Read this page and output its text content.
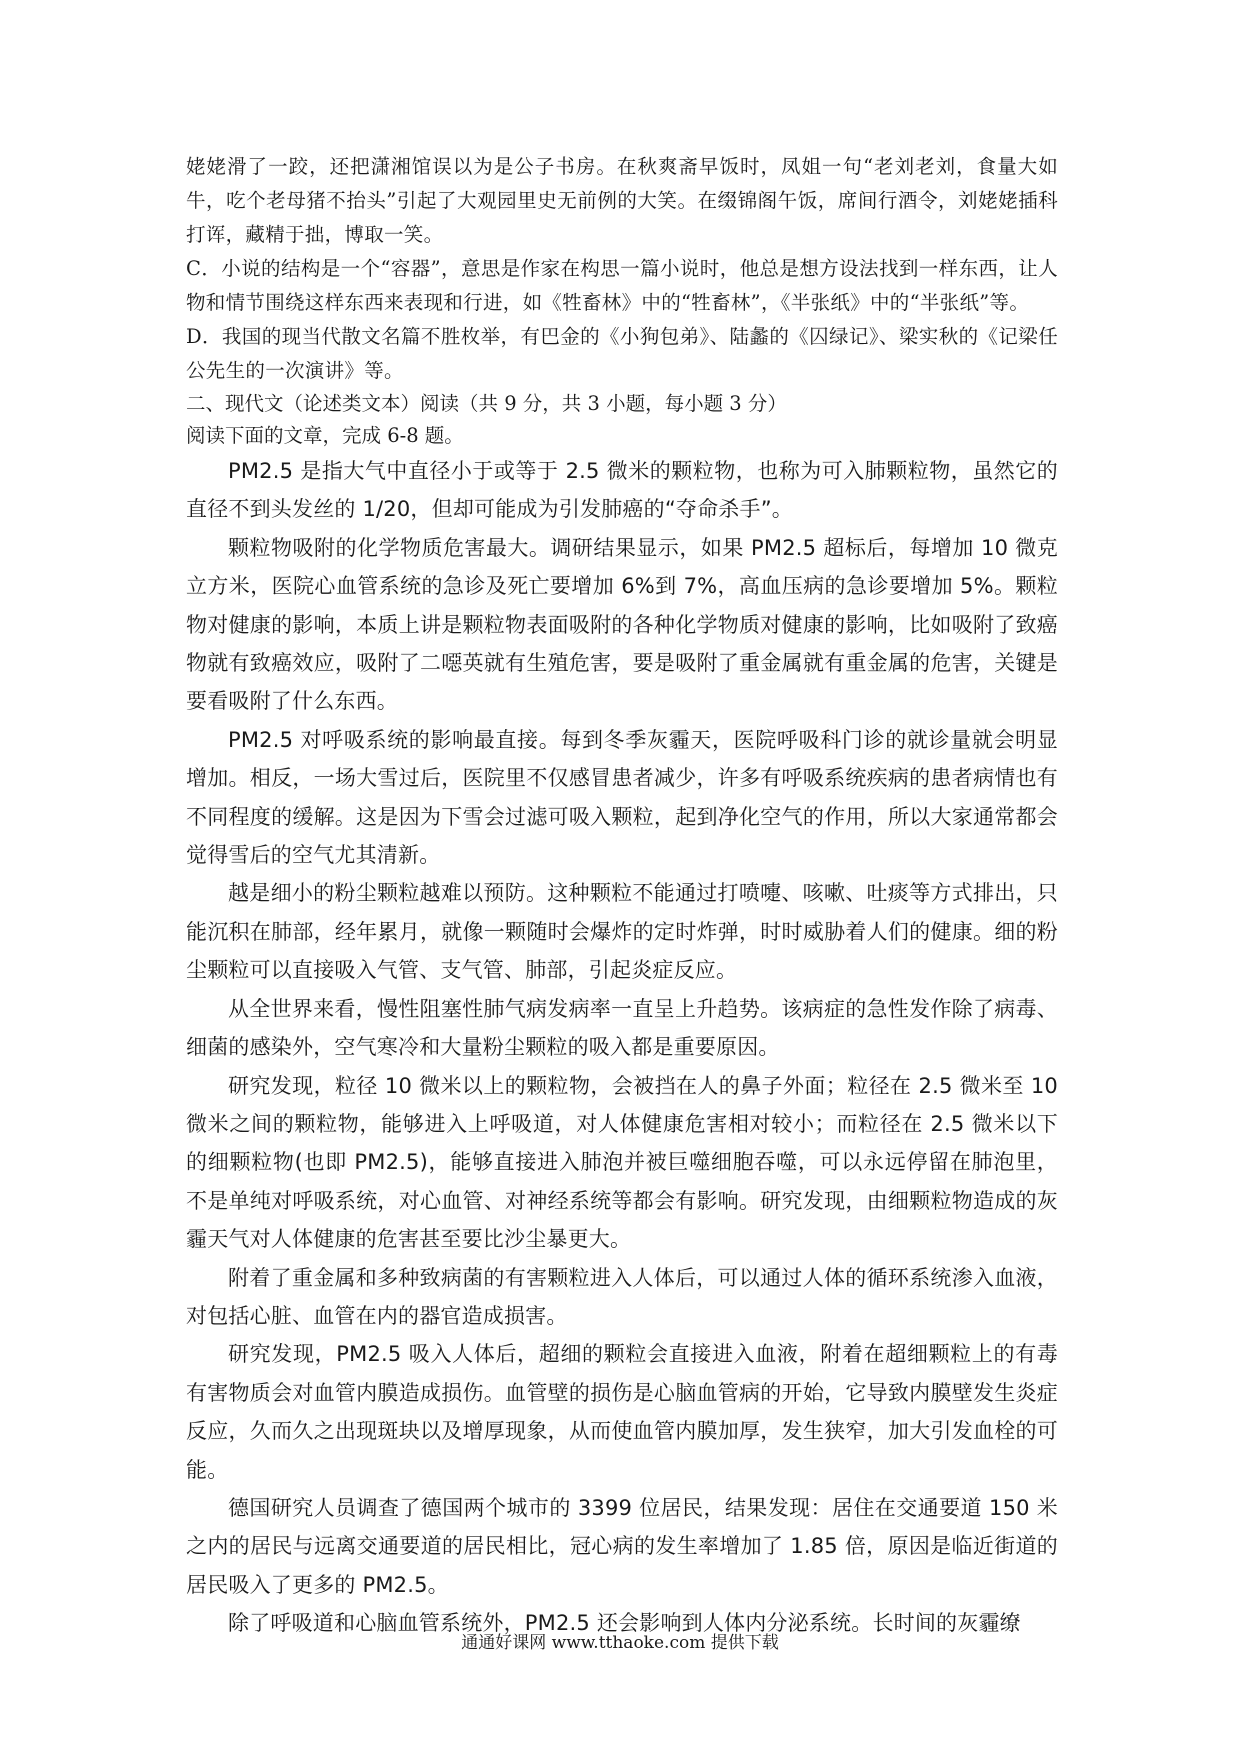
姥姥滑了一跤，还把潇湘馆误以为是公子书房。在秋爽斋早饭时，凤姐一句“老刘老刘，食量大如牛，吃个老母猪不抬头”引起了大观园里史无前例的大笑。在缀锦阁午饭，席间行酒令，刘姥姥插科打诨，藏精于拙，博取一笑。

C．小说的结构是一个“容器”，意思是作家在构思一篇小说时，他总是想方设法找到一样东西，让人物和情节围绕这样东西来表现和行进，如《牲畜林》中的“牲畜林”，《半张纸》中的“半张纸”等。

D．我国的现当代散文名篇不胜枚举，有巴金的《小狗包弟》、陆蠡的《囚绿记》、梁实秋的《记梁任公先生的一次演讲》等。

二、现代文（论述类文本）阅读（共 9 分，共 3 小题，每小题 3 分）

阅读下面的文章，完成 6-8 题。

PM2.5 是指大气中直径小于或等于 2.5 微米的颗粒物，也称为可入肺颗粒物，虽然它的直径不到头发丝的 1/20，但却可能成为引发肺癌的“夺命杀手”。

颗粒物吸附的化学物质危害最大。调研结果显示，如果 PM2.5 超标后，每增加 10 微克立方米，医院心血管系统的急诊及死亡要增加 6%到 7%，高血压病的急诊要增加 5%。颗粒物对健康的影响，本质上讲是颗粒物表面吸附的各种化学物质对健康的影响，比如吸附了致癌物就有致癌效应，吸附了二噁英就有生殖危害，要是吸附了重金属就有重金属的危害，关键是要看吸附了什么东西。

PM2.5 对呼吸系统的影响最直接。每到冬季灰霾天，医院呼吸科门诊的就诊量就会明显增加。相反，一场大雪过后，医院里不仅感冒患者减少，许多有呼吸系统疾病的患者病情也有不同程度的缓解。这是因为下雪会过滤可吸入颗粒，起到净化空气的作用，所以大家通常都会觉得雪后的空气尤其清新。

越是细小的粉尘颗粒越难以预防。这种颗粒不能通过打喷嚏、咳嗽、吐痰等方式排出，只能沉积在肺部，经年累月，就像一颗随时会爆炸的定时炸弹，时时威胁着人们的健康。细的粉尘颗粒可以直接吸入气管、支气管、肺部，引起炎症反应。

从全世界来看，慢性阻塞性肺气病发病率一直呈上升趋势。该病症的急性发作除了病毒、细菌的感染外，空气寒冷和大量粉尘颗粒的吸入都是重要原因。

研究发现，粒径 10 微米以上的颗粒物，会被挡在人的鼻子外面；粒径在 2.5 微米至 10 微米之间的颗粒物，能够进入上呼吸道，对人体健康危害相对较小；而粒径在 2.5 微米以下的细颗粒物(也即 PM2.5)，能够直接进入肺泡并被巨噬细胞吞噬，可以永远停留在肺泡里，不是单纯对呼吸系统，对心血管、对神经系统等都会有影响。研究发现，由细颗粒物造成的灰霾天气对人体健康的危害甚至要比沙尘暴更大。

附着了重金属和多种致病菌的有害颗粒进入人体后，可以通过人体的循环系统渗入血液，对包括心脏、血管在内的器官造成损害。

研究发现，PM2.5 吸入人体后，超细的颗粒会直接进入血液，附着在超细颗粒上的有毒有害物质会对血管内膜造成损伤。血管壁的损伤是心脑血管病的开始，它导致内膜壁发生炎症反应，久而久之出现斑块以及增厚现象，从而使血管内膜加厚，发生狭窄，加大引发血栓的可能。

德国研究人员调查了德国两个城市的 3399 位居民，结果发现：居住在交通要道 150 米之内的居民与远离交通要道的居民相比，冠心病的发生率增加了 1.85 倍，原因是临近街道的居民吸入了更多的 PM2.5。

除了呼吸道和心脑血管系统外，PM2.5 还会影响到人体内分泌系统。长时间的灰霾缭

通通好课网 www.tthaoke.com 提供下载
